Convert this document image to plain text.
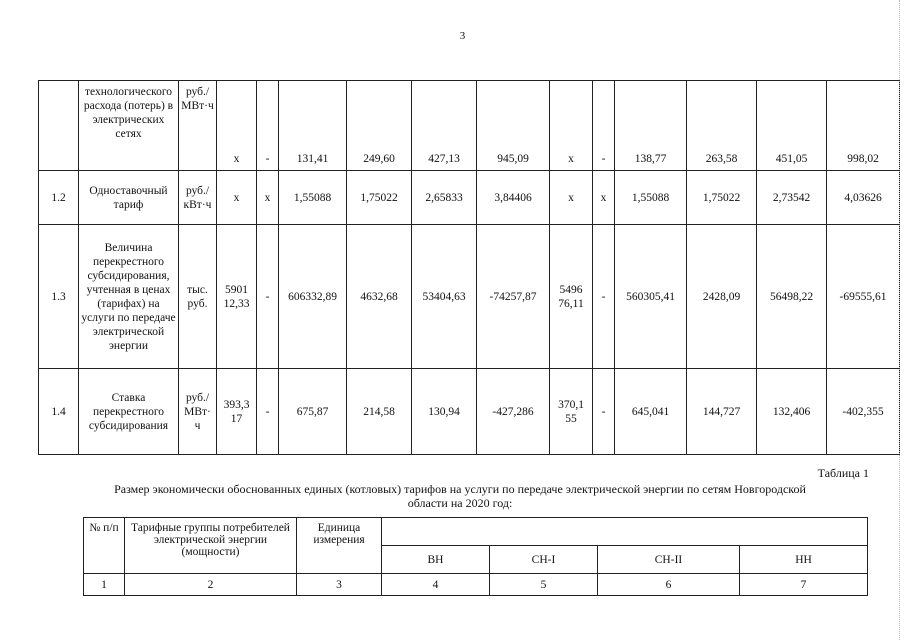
3
	технологического расхода (потерь) в электрических сетях	руб./ МВт·ч	х	-	131,41	249,60	427,13	945,09	х	-	138,77	263,58	451,05	998,02
1.2	Одноставочный тариф	руб./ кВт·ч	х	х	1,55088	1,75022	2,65833	3,84406	х	х	1,55088	1,75022	2,73542	4,03626
1.3	Величина перекрестного субсидирования, учтенная в ценах (тарифах) на услуги по передаче электрической энергии	тыс. руб.	5901 12,33	-	606332,89	4632,68	53404,63	-74257,87	5496 76,11	-	560305,41	2428,09	56498,22	-69555,61
1.4	Ставка перекрестного субсидирования	руб./ МВт· ч	393,3 17	-	675,87	214,58	130,94	-427,286	370,1 55	-	645,041	144,727	132,406	-402,355
Таблица 1
Размер экономически обоснованных единых (котловых) тарифов на услуги по передаче электрической энергии по сетям Новгородской области на 2020 год:
№ п/п	Тарифные группы потребителей электрической энергии (мощности)	Единица измерения				
			ВН	СН-I	СН-II	НН
1	2	3	4	5	6	7
